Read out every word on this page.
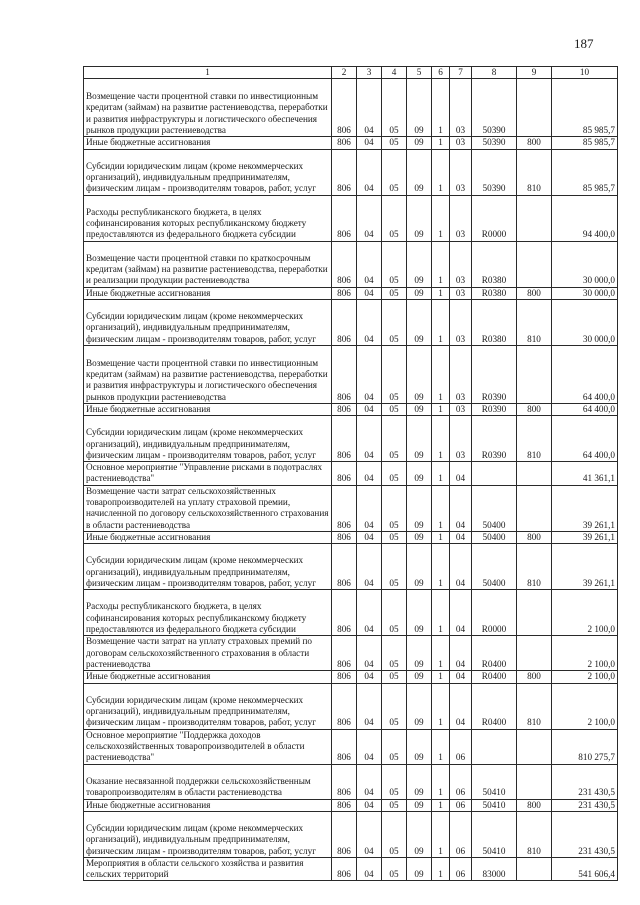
187
1	2	3	4	5	6	7	8	9	10
Возмещение части процентной ставки по инвестиционным кредитам (займам) на развитие растениеводства, переработки и развития инфраструктуры и логистического обеспечения рынков продукции растениеводства	806	04	05	09	1	03	50390		85 985,7
Иные бюджетные ассигнования	806	04	05	09	1	03	50390	800	85 985,7
Субсидии юридическим лицам (кроме некоммерческих организаций), индивидуальным предпринимателям, физическим лицам - производителям товаров, работ, услуг	806	04	05	09	1	03	50390	810	85 985,7
Расходы республиканского бюджета, в целях софинансирования которых республиканскому бюджету предоставляются из федерального бюджета субсидии	806	04	05	09	1	03	R0000		94 400,0
Возмещение части процентной ставки по краткосрочным кредитам (займам) на развитие растениеводства, переработки и реализации продукции растениеводства	806	04	05	09	1	03	R0380		30 000,0
Иные бюджетные ассигнования	806	04	05	09	1	03	R0380	800	30 000,0
Субсидии юридическим лицам (кроме некоммерческих организаций), индивидуальным предпринимателям, физическим лицам - производителям товаров, работ, услуг	806	04	05	09	1	03	R0380	810	30 000,0
Возмещение части процентной ставки по инвестиционным кредитам (займам) на развитие растениеводства, переработки и развития инфраструктуры и логистического обеспечения рынков продукции растениеводства	806	04	05	09	1	03	R0390		64 400,0
Иные бюджетные ассигнования	806	04	05	09	1	03	R0390	800	64 400,0
Субсидии юридическим лицам (кроме некоммерческих организаций), индивидуальным предпринимателям, физическим лицам - производителям товаров, работ, услуг	806	04	05	09	1	03	R0390	810	64 400,0
Основное мероприятие "Управление рисками в подотраслях растениеводства"	806	04	05	09	1	04			41 361,1
Возмещение части затрат сельскохозяйственных товаропроизводителей на уплату страховой премии, начисленной по договору сельскохозяйственного страхования в области растениеводства	806	04	05	09	1	04	50400		39 261,1
Иные бюджетные ассигнования	806	04	05	09	1	04	50400	800	39 261,1
Субсидии юридическим лицам (кроме некоммерческих организаций), индивидуальным предпринимателям, физическим лицам - производителям товаров, работ, услуг	806	04	05	09	1	04	50400	810	39 261,1
Расходы республиканского бюджета, в целях софинансирования которых республиканскому бюджету предоставляются из федерального бюджета субсидии	806	04	05	09	1	04	R0000		2 100,0
Возмещение части затрат на уплату страховых премий по договорам сельскохозяйственного страхования в области растениеводства	806	04	05	09	1	04	R0400		2 100,0
Иные бюджетные ассигнования	806	04	05	09	1	04	R0400	800	2 100,0
Субсидии юридическим лицам (кроме некоммерческих организаций), индивидуальным предпринимателям, физическим лицам - производителям товаров, работ, услуг	806	04	05	09	1	04	R0400	810	2 100,0
Основное мероприятие "Поддержка доходов сельскохозяйственных товаропроизводителей в области растениеводства"	806	04	05	09	1	06			810 275,7
Оказание несвязанной поддержки сельскохозяйственным товаропроизводителям в области растениеводства	806	04	05	09	1	06	50410		231 430,5
Иные бюджетные ассигнования	806	04	05	09	1	06	50410	800	231 430,5
Субсидии юридическим лицам (кроме некоммерческих организаций), индивидуальным предпринимателям, физическим лицам - производителям товаров, работ, услуг	806	04	05	09	1	06	50410	810	231 430,5
Мероприятия в области сельского хозяйства и развития сельских территорий	806	04	05	09	1	06	83000		541 606,4
